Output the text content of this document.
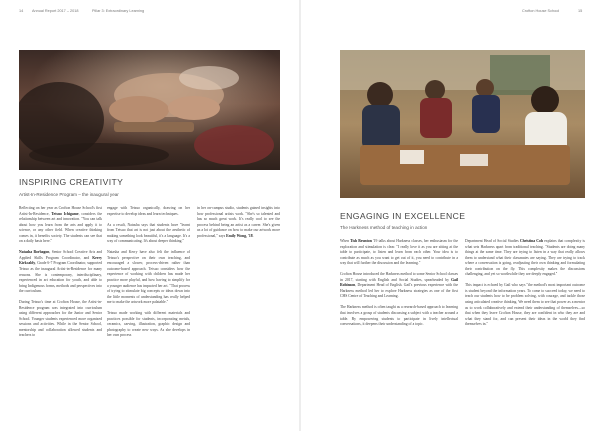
14 Annual Report 2017 – 2018	Pillar 3: Extraordinary Learning	Crofton House School	15
INSPIRING CREATIVITY
Artist-In-Residence Program – the inaugural year
ENGAGING IN EXCELLENCE
The Harkness method of teaching in action

Reflecting on her year as Crofton House School's first Artist-In-Residence, Tetsuo Ichigame, considers the relationship between art and innovation. "You can talk about how you learn from the arts and apply it to science, or any other field. When creative thinking comes in, it benefits society. The students can see that on a daily basis here."

Natasha Borbagon, Senior School Creative Arts and Applied Skills Program Coordinator, and Kerry Kirkcaldy, Grade 6-7 Program Coordinator, supported Tetsuo as the inaugural Artist-in-Residence for many reasons. She is contemporary, interdisciplinary, experienced in art education for youth, and able to bring Indigenous forms, methods and perspectives into the curriculum.

During Tetsuo's time at Crofton House, the Artist-in-Residence program was integrated into curriculum using different approaches for the Junior and Senior School. Younger students experienced more organized sessions and activities. While in the Senior School, mentorship and collaboration allowed students and teachers to

engage with Tetsuo organically, drawing on her expertise to develop ideas and learn techniques.

As a result, Natasha says that students have "learnt from Tetsuo that art is not just about the aesthetic of making something look beautiful, it's a language. It's a way of communicating. It's about deeper thinking."

Natasha and Kerry have also felt the influence of Tetsuo's perspective on their own teaching, and encouraged a slower, process-driven rather than outcome-based approach. Tetsuo considers how the experience of working with children has made her practice more playful, and how having to simplify for a younger audience has impacted her art. "That process of trying to stimulate big concepts or ideas down into the little moments of understanding has really helped me to make the artwork more palatable."

Tetsuo made working with different materials and practices possible for students, incorporating metals, ceramics, carving, illustration, graphic design and photography to create new ways. As she develops in her own process

in her on-campus studio, students gained insights into how professional artists work. "She's so talented and has so much great work. It's really cool to see the process behind being an artist as a career. She's given us a lot of guidance on how to make our artwork more professional," says Emily Wong, '18.

When Tish Brunton '19 talks about Harkness classes, her enthusiasm for the exploration and stimulation is clear. "I really love it as you are sitting at the table to participate, to listen and learn from each other. Your idea is to contribute as much as you want to get out of it, you need to contribute in a way that will further the discussion and the learning."

Crofton House introduced the Harkness method to some Senior School classes in 2017, starting with English and Social Studies, spearheaded by Gail Robinson, Department Head of English. Gail's previous experience with the Harkness method led her to explore Harkness strategies as one of the first CHS Centre of Teaching and Learning.

The Harkness method is often taught as a research-based approach to learning that involves a group of students discussing a subject with a teacher around a table. By empowering students to participate in lively intellectual conversations, it deepens their understanding of a topic.

Department Head of Social Studies Christina Coh explains that complexity is what sets Harkness apart from traditional teaching. "Students are doing many things at the same time. They are trying to listen in a way that really allows them to understand what their classmates are saying. They are trying to track where a conversation is going, readjusting their own thinking and formulating their contribution on the fly. This complexity makes the discussions challenging, and yet so worthwhile they are deeply engaged."

This impact is echoed by Gail who says "the method's most important outcome is student beyond the information years. To come to succeed today, we need to teach our students how to be problem solving, with courage, and tackle those using articulated creative thinking. We need them to see that power as a mentor as to work collaboratively and extend their understanding of themselves—so that when they leave Crofton House, they are confident in who they are and what they stand for, and can present their ideas in the world they find themselves in."
